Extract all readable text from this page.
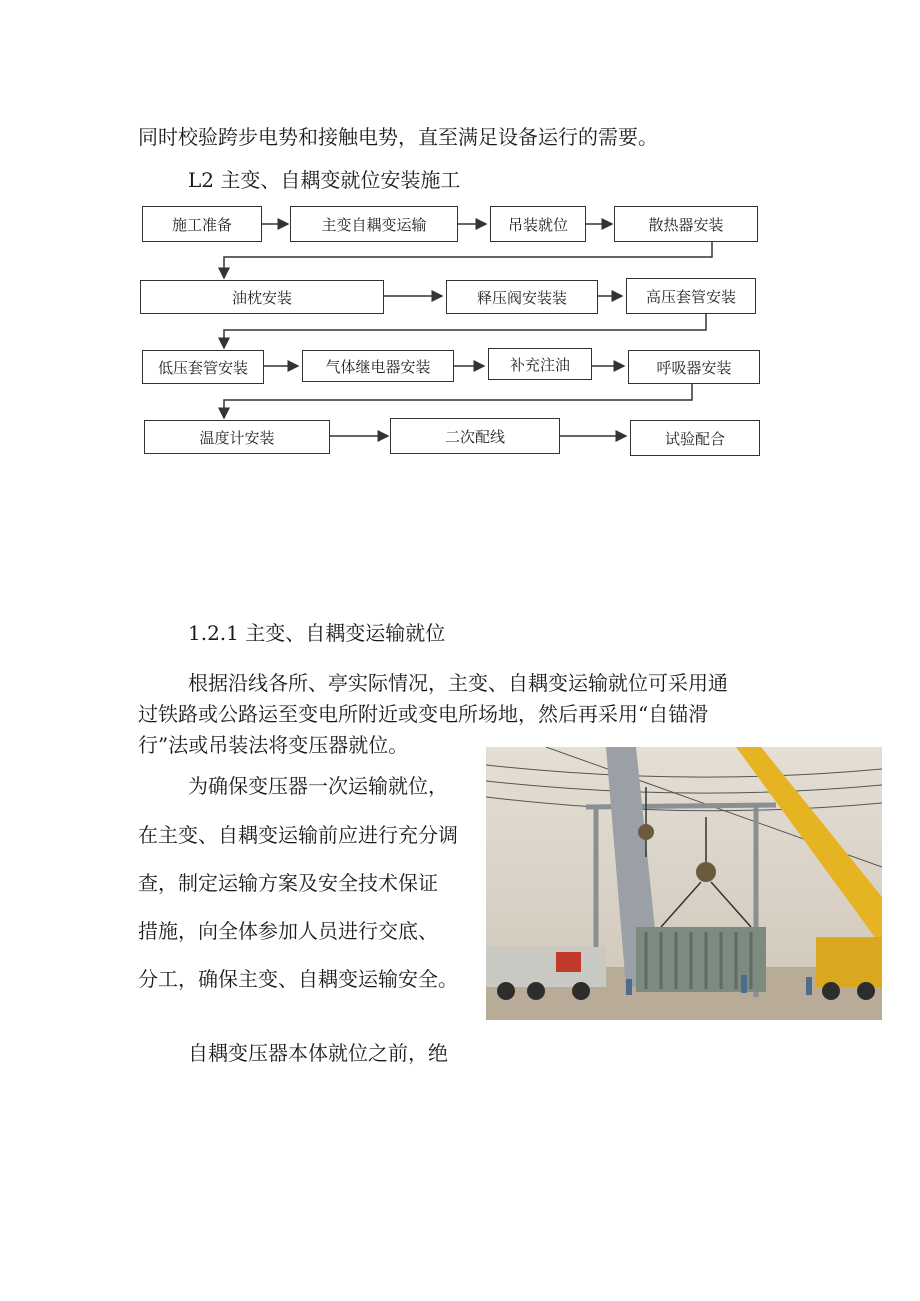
同时校验跨步电势和接触电势，直至满足设备运行的需要。
L2 主变、自耦变就位安装施工
施工准备	主变自耦变运输	吊装就位	散热器安装
油枕安装	释压阀安装装	高压套管安装
低压套管安装	气体继电器安装	补充注油	呼吸器安装
温度计安装	二次配线	试验配合
1.2.1 主变、自耦变运输就位
根据沿线各所、亭实际情况，主变、自耦变运输就位可采用通
过铁路或公路运至变电所附近或变电所场地，然后再采用“自锚滑
行”法或吊装法将变压器就位。
为确保变压器一次运输就位，
在主变、自耦变运输前应进行充分调
查，制定运输方案及安全技术保证
措施，向全体参加人员进行交底、
分工，确保主变、自耦变运输安全。
自耦变压器本体就位之前，绝
